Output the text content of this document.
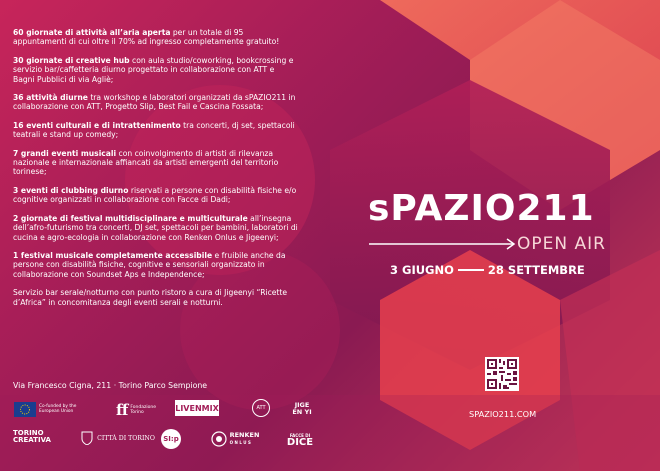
60 giornate di attività all’aria aperta per un totale di 95 appuntamenti di cui oltre il 70% ad ingresso completamente gratuito!

30 giornate di creative hub con aula studio/coworking, bookcrossing e servizio bar/caffetteria diurno progettato in collaborazione con ATT e Bagni Pubblici di via Agliè;

36 attività diurne tra workshop e laboratori organizzati da sPAZIO211 in collaborazione con ATT, Progetto Slip, Best Fail e Cascina Fossata;

16 eventi culturali e di intrattenimento tra concerti, dj set, spettacoli teatrali e stand up comedy;

7 grandi eventi musicali con coinvolgimento di artisti di rilevanza nazionale e internazionale affiancati da artisti emergenti del territorio torinese;

3 eventi di clubbing diurno riservati a persone con disabilità fisiche e/o cognitive organizzati in collaborazione con Facce di Dadi;

2 giornate di festival multidisciplinare e multiculturale all’insegna dell’afro-futurismo tra concerti, DJ set, spettacoli per bambini, laboratori di cucina e agro-ecologia in collaborazione con Renken Onlus e Jigeenyi;

1 festival musicale completamente accessibile e fruibile anche da persone con disabilità fisiche, cognitive e sensoriali organizzato in collaborazione con Soundset Aps e Independence;

Servizio bar serale/notturno con punto ristoro a cura di Jigeenyi “Ricette d’Africa” in concomitanza degli eventi serali e notturni.

Via Francesco Cigna, 211 · Torino Parco Sempione
Co-funded by the European Union	ff Fondazione
Torino	LIVENMIX	ATT	JIGE EN YI
TORINO
CREATIVA	CITTÀ DI TORINO SI:p	RENKEN
ONLUS
FACCE DI
DICE
sPAZIO211
OPEN AIR
3 GIUGNO	28 SETTEMBRE
SPAZIO211.COM
